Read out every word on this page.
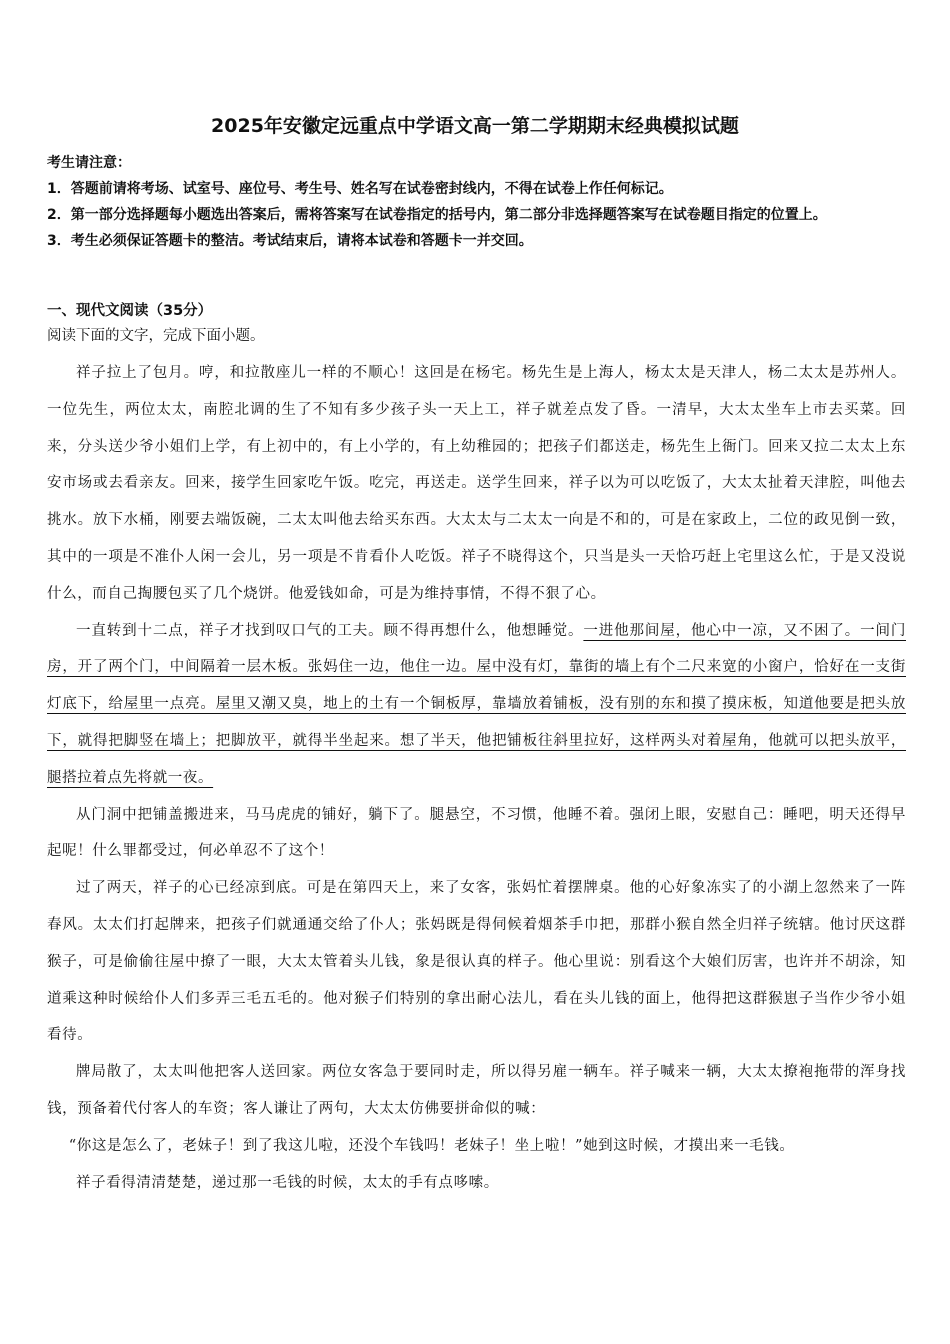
2025年安徽定远重点中学语文高一第二学期期末经典模拟试题

考生请注意：

1．答题前请将考场、试室号、座位号、考生号、姓名写在试卷密封线内，不得在试卷上作任何标记。

2．第一部分选择题每小题选出答案后，需将答案写在试卷指定的括号内，第二部分非选择题答案写在试卷题目指定的位置上。

3．考生必须保证答题卡的整洁。考试结束后，请将本试卷和答题卡一并交回。

一、现代文阅读（35分）
阅读下面的文字，完成下面小题。

祥子拉上了包月。哼，和拉散座儿一样的不顺心！这回是在杨宅。杨先生是上海人，杨太太是天津人，杨二太太是苏州人。一位先生，两位太太，南腔北调的生了不知有多少孩子头一天上工，祥子就差点发了昏。一清早，大太太坐车上市去买菜。回来，分头送少爷小姐们上学，有上初中的，有上小学的，有上幼稚园的；把孩子们都送走，杨先生上衙门。回来又拉二太太上东安市场或去看亲友。回来，接学生回家吃午饭。吃完，再送走。送学生回来，祥子以为可以吃饭了，大太太扯着天津腔，叫他去挑水。放下水桶，刚要去端饭碗，二太太叫他去给买东西。大太太与二太太一向是不和的，可是在家政上，二位的政见倒一致，其中的一项是不准仆人闲一会儿，另一项是不肯看仆人吃饭。祥子不晓得这个，只当是头一天恰巧赶上宅里这么忙，于是又没说什么，而自己掏腰包买了几个烧饼。他爱钱如命，可是为维持事情，不得不狠了心。

一直转到十二点，祥子才找到叹口气的工夫。顾不得再想什么，他想睡觉。一进他那间屋，他心中一凉，又不困了。一间门房，开了两个门，中间隔着一层木板。张妈住一边，他住一边。屋中没有灯，靠街的墙上有个二尺来宽的小窗户，恰好在一支街灯底下，给屋里一点亮。屋里又潮又臭，地上的土有一个铜板厚，靠墙放着铺板，没有别的东和摸了摸床板，知道他要是把头放下，就得把脚竖在墙上；把脚放平，就得半坐起来。想了半天，他把铺板往斜里拉好，这样两头对着屋角，他就可以把头放平，腿搭拉着点先将就一夜。

从门洞中把铺盖搬进来，马马虎虎的铺好，躺下了。腿悬空，不习惯，他睡不着。强闭上眼，安慰自己：睡吧，明天还得早起呢！什么罪都受过，何必单忍不了这个！

过了两天，祥子的心已经凉到底。可是在第四天上，来了女客，张妈忙着摆牌桌。他的心好象冻实了的小湖上忽然来了一阵春风。太太们打起牌来，把孩子们就通通交给了仆人；张妈既是得伺候着烟茶手巾把，那群小猴自然全归祥子统辖。他讨厌这群猴子，可是偷偷往屋中撩了一眼，大太太管着头儿钱，象是很认真的样子。他心里说：别看这个大娘们厉害，也许并不胡涂，知道乘这种时候给仆人们多弄三毛五毛的。他对猴子们特别的拿出耐心法儿，看在头儿钱的面上，他得把这群猴崽子当作少爷小姐看待。

牌局散了，太太叫他把客人送回家。两位女客急于要同时走，所以得另雇一辆车。祥子喊来一辆，大太太撩袍拖带的浑身找钱，预备着代付客人的车资；客人谦让了两句，大太太仿佛要拼命似的喊：

“你这是怎么了，老妹子！到了我这儿啦，还没个车钱吗！老妹子！坐上啦！”她到这时候，才摸出来一毛钱。

祥子看得清清楚楚，递过那一毛钱的时候，太太的手有点哆嗦。
